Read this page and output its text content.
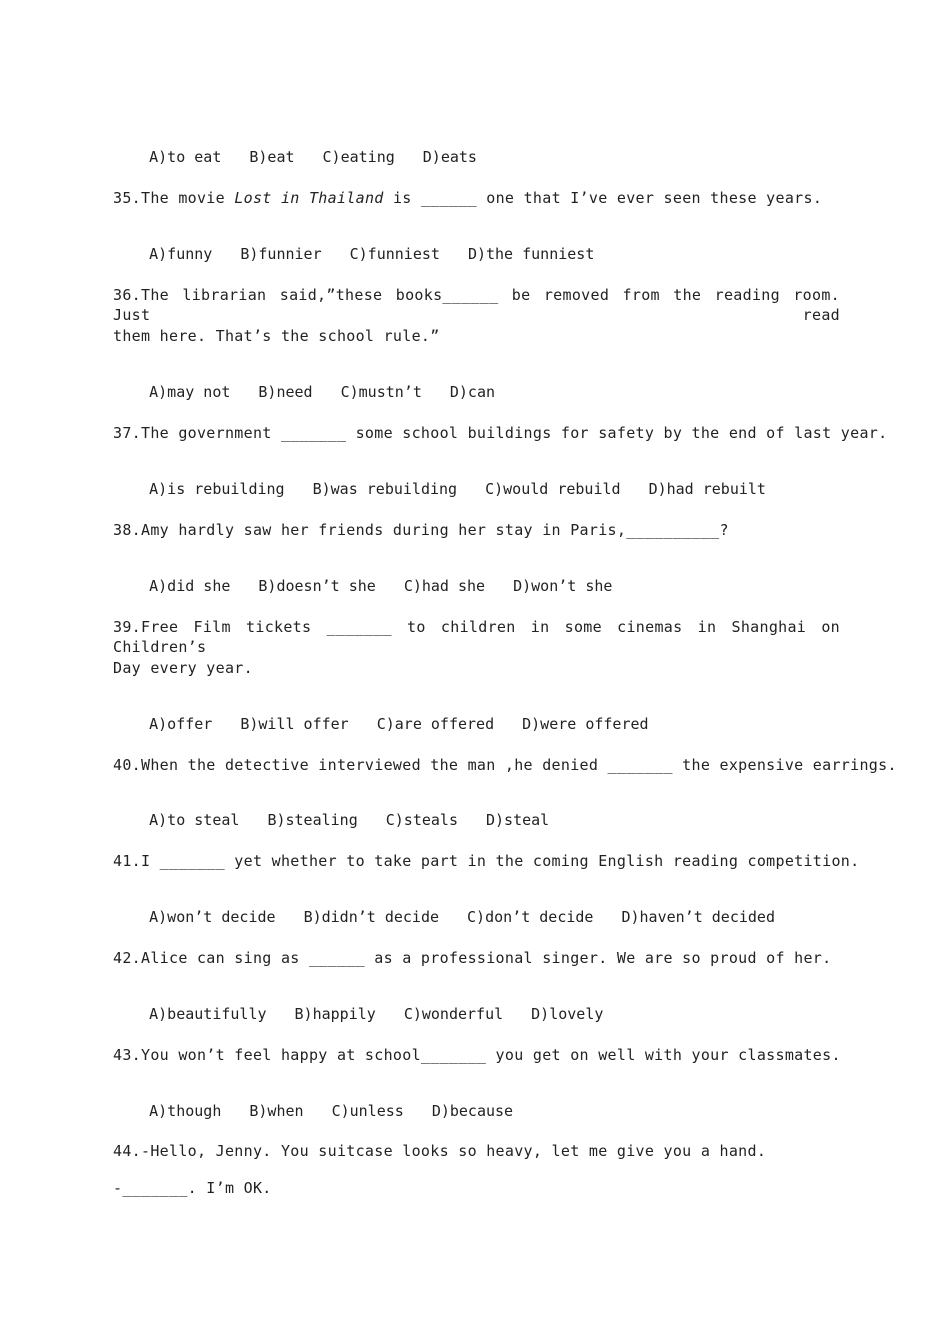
A)to eat B)eat C)eating D)eats

35.The movie Lost in Thailand is ______ one that I’ve ever seen these years.

A)funny B)funnier C)funniest D)the funniest

36.The librarian said,”these books______ be removed from the reading room. Just read
them here. That’s the school rule.”

A)may not B)need C)mustn’t D)can

37.The government _______ some school buildings for safety by the end of last year.

A)is rebuilding B)was rebuilding C)would rebuild D)had rebuilt

38.Amy hardly saw her friends during her stay in Paris,__________?

A)did she B)doesn’t she C)had she D)won’t she

39.Free Film tickets _______ to children in some cinemas in Shanghai on Children’s
Day every year.

A)offer B)will offer C)are offered D)were offered

40.When the detective interviewed the man ,he denied _______ the expensive earrings.

A)to steal B)stealing C)steals D)steal

41.I _______ yet whether to take part in the coming English reading competition.

A)won’t decide B)didn’t decide C)don’t decide D)haven’t decided

42.Alice can sing as ______ as a professional singer. We are so proud of her.

A)beautifully B)happily C)wonderful D)lovely

43.You won’t feel happy at school_______ you get on well with your classmates.

A)though B)when C)unless D)because

44.-Hello, Jenny. You suitcase looks so heavy, let me give you a hand.
-_______. I’m OK.
